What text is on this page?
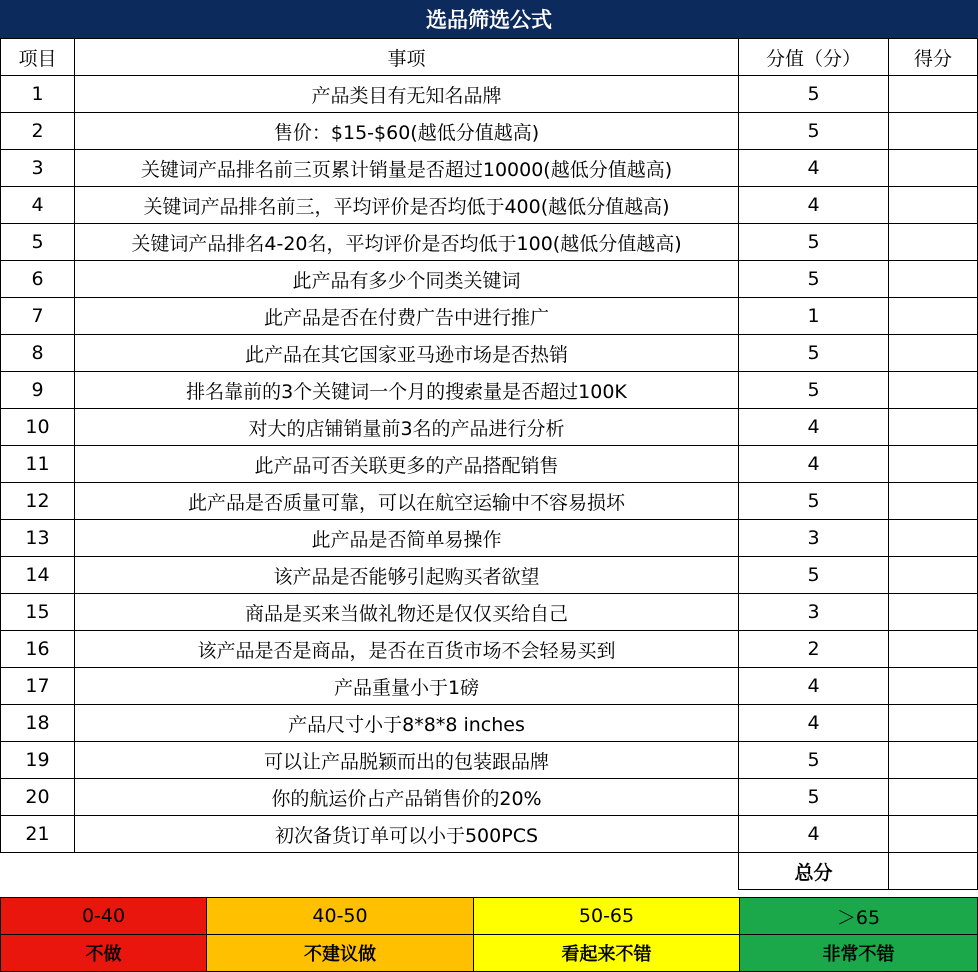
选品筛选公式
项目	事项	分值（分）	得分
1	产品类目有无知名品牌	5	
2	售价：$15-$60(越低分值越高)	5	
3	关键词产品排名前三页累计销量是否超过10000(越低分值越高)	4	
4	关键词产品排名前三，平均评价是否均低于400(越低分值越高)	4	
5	关键词产品排名4-20名，平均评价是否均低于100(越低分值越高)	5	
6	此产品有多少个同类关键词	5	
7	此产品是否在付费广告中进行推广	1	
8	此产品在其它国家亚马逊市场是否热销	5	
9	排名靠前的3个关键词一个月的搜索量是否超过100K	5	
10	对大的店铺销量前3名的产品进行分析	4	
11	此产品可否关联更多的产品搭配销售	4	
12	此产品是否质量可靠，可以在航空运输中不容易损坏	5	
13	此产品是否简单易操作	3	
14	该产品是否能够引起购买者欲望	5	
15	商品是买来当做礼物还是仅仅买给自己	3	
16	该产品是否是商品，是否在百货市场不会轻易买到	2	
17	产品重量小于1磅	4	
18	产品尺寸小于8*8*8 inches	4	
19	可以让产品脱颖而出的包装跟品牌	5	
20	你的航运价占产品销售价的20%	5	
21	初次备货订单可以小于500PCS	4	
		总分	
0-40	40-50	50-65	＞65
不做	不建议做	看起来不错	非常不错
